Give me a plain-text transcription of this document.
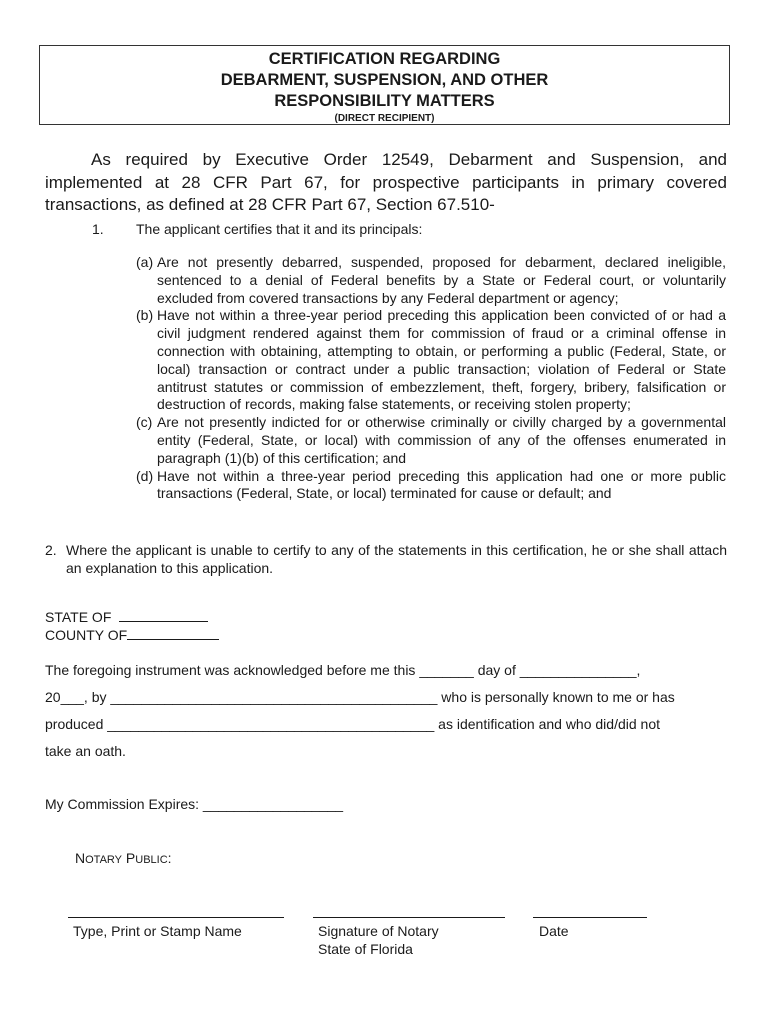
CERTIFICATION REGARDING
DEBARMENT, SUSPENSION, AND OTHER
RESPONSIBILITY MATTERS
(DIRECT RECIPIENT)

As required by Executive Order 12549, Debarment and Suspension, and implemented at 28 CFR Part 67, for prospective participants in primary covered transactions, as defined at 28 CFR Part 67, Section 67.510-

1. The applicant certifies that it and its principals:
(a) Are not presently debarred, suspended, proposed for debarment, declared ineligible, sentenced to a denial of Federal benefits by a State or Federal court, or voluntarily excluded from covered transactions by any Federal department or agency;
(b) Have not within a three-year period preceding this application been convicted of or had a civil judgment rendered against them for commission of fraud or a criminal offense in connection with obtaining, attempting to obtain, or performing a public (Federal, State, or local) transaction or contract under a public transaction; violation of Federal or State antitrust statutes or commission of embezzlement, theft, forgery, bribery, falsification or destruction of records, making false statements, or receiving stolen property;
(c) Are not presently indicted for or otherwise criminally or civilly charged by a governmental entity (Federal, State, or local) with commission of any of the offenses enumerated in paragraph (1)(b) of this certification; and
(d) Have not within a three-year period preceding this application had one or more public transactions (Federal, State, or local) terminated for cause or default; and
2. Where the applicant is unable to certify to any of the statements in this certification, he or she shall attach an explanation to this application.
STATE OF
COUNTY OF
The foregoing instrument was acknowledged before me this _______ day of _______________,
20___, by __________________________________________ who is personally known to me or has
produced __________________________________________ as identification and who did/did not
take an oath.
My Commission Expires: __________________
NOTARY PUBLIC:
Type, Print or Stamp Name	Signature of Notary
State of Florida
Date
